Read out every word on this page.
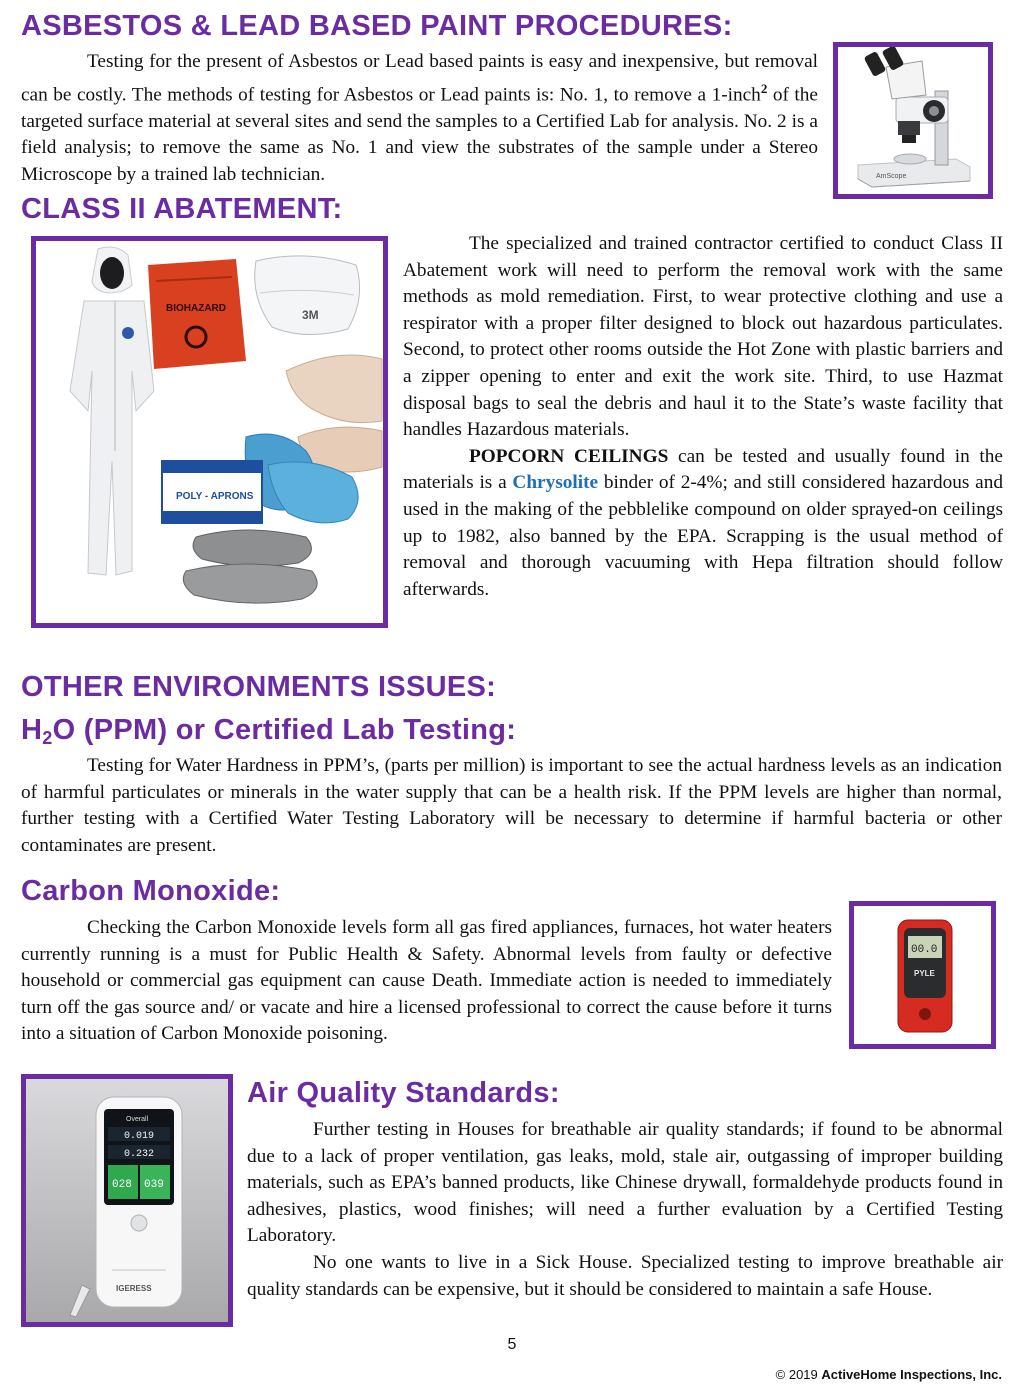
ASBESTOS & LEAD BASED PAINT PROCEDURES:

Testing for the present of Asbestos or Lead based paints is easy and inexpensive, but removal can be costly. The methods of testing for Asbestos or Lead paints is: No. 1, to remove a 1-inch$^2$ of the targeted surface material at several sites and send the samples to a Certified Lab for analysis. No. 2 is a field analysis; to remove the same as No. 1 and view the substrates of the sample under a Stereo Microscope by a trained lab technician.	AmScope
CLASS II ABATEMENT:
BIOHAZARD	3M
POLY - APRONS

The specialized and trained contractor certified to conduct Class II Abatement work will need to perform the removal work with the same methods as mold remediation. First, to wear protective clothing and use a respirator with a proper filter designed to block out hazardous particulates. Second, to protect other rooms outside the Hot Zone with plastic barriers and a zipper opening to enter and exit the work site. Third, to use Hazmat disposal bags to seal the debris and haul it to the State’s waste facility that handles Hazardous materials.

POPCORN CEILINGS can be tested and usually found in the materials is a Chrysolite binder of 2-4%; and still considered hazardous and used in the making of the pebblelike compound on older sprayed-on ceilings up to 1982, also banned by the EPA. Scrapping is the usual method of removal and thorough vacuuming with Hepa filtration should follow afterwards.

OTHER ENVIRONMENTS ISSUES:
$H_2O$ (PPM) or Certified Lab Testing:

Testing for Water Hardness in PPM’s, (parts per million) is important to see the actual hardness levels as an indication of harmful particulates or minerals in the water supply that can be a health risk. If the PPM levels are higher than normal, further testing with a Certified Water Testing Laboratory will be necessary to determine if harmful bacteria or other contaminates are present.

Carbon Monoxide:

Checking the Carbon Monoxide levels form all gas fired appliances, furnaces, hot water heaters currently running is a must for Public Health & Safety. Abnormal levels from faulty or defective household or commercial gas equipment can cause Death. Immediate action is needed to immediately turn off the gas source and/ or vacate and hire a licensed professional to correct the cause before it turns into a situation of Carbon Monoxide poisoning.

00.0
PYLE
Overall
0.019
0.232
028 039
IGERESS
Air Quality Standards:

Further testing in Houses for breathable air quality standards; if found to be abnormal due to a lack of proper ventilation, gas leaks, mold, stale air, outgassing of improper building materials, such as EPA’s banned products, like Chinese drywall, formaldehyde products found in adhesives, plastics, wood finishes; will need a further evaluation by a Certified Testing Laboratory.

No one wants to live in a Sick House. Specialized testing to improve breathable air quality standards can be expensive, but it should be considered to maintain a safe House.

5
© 2019 ActiveHome Inspections, Inc.
